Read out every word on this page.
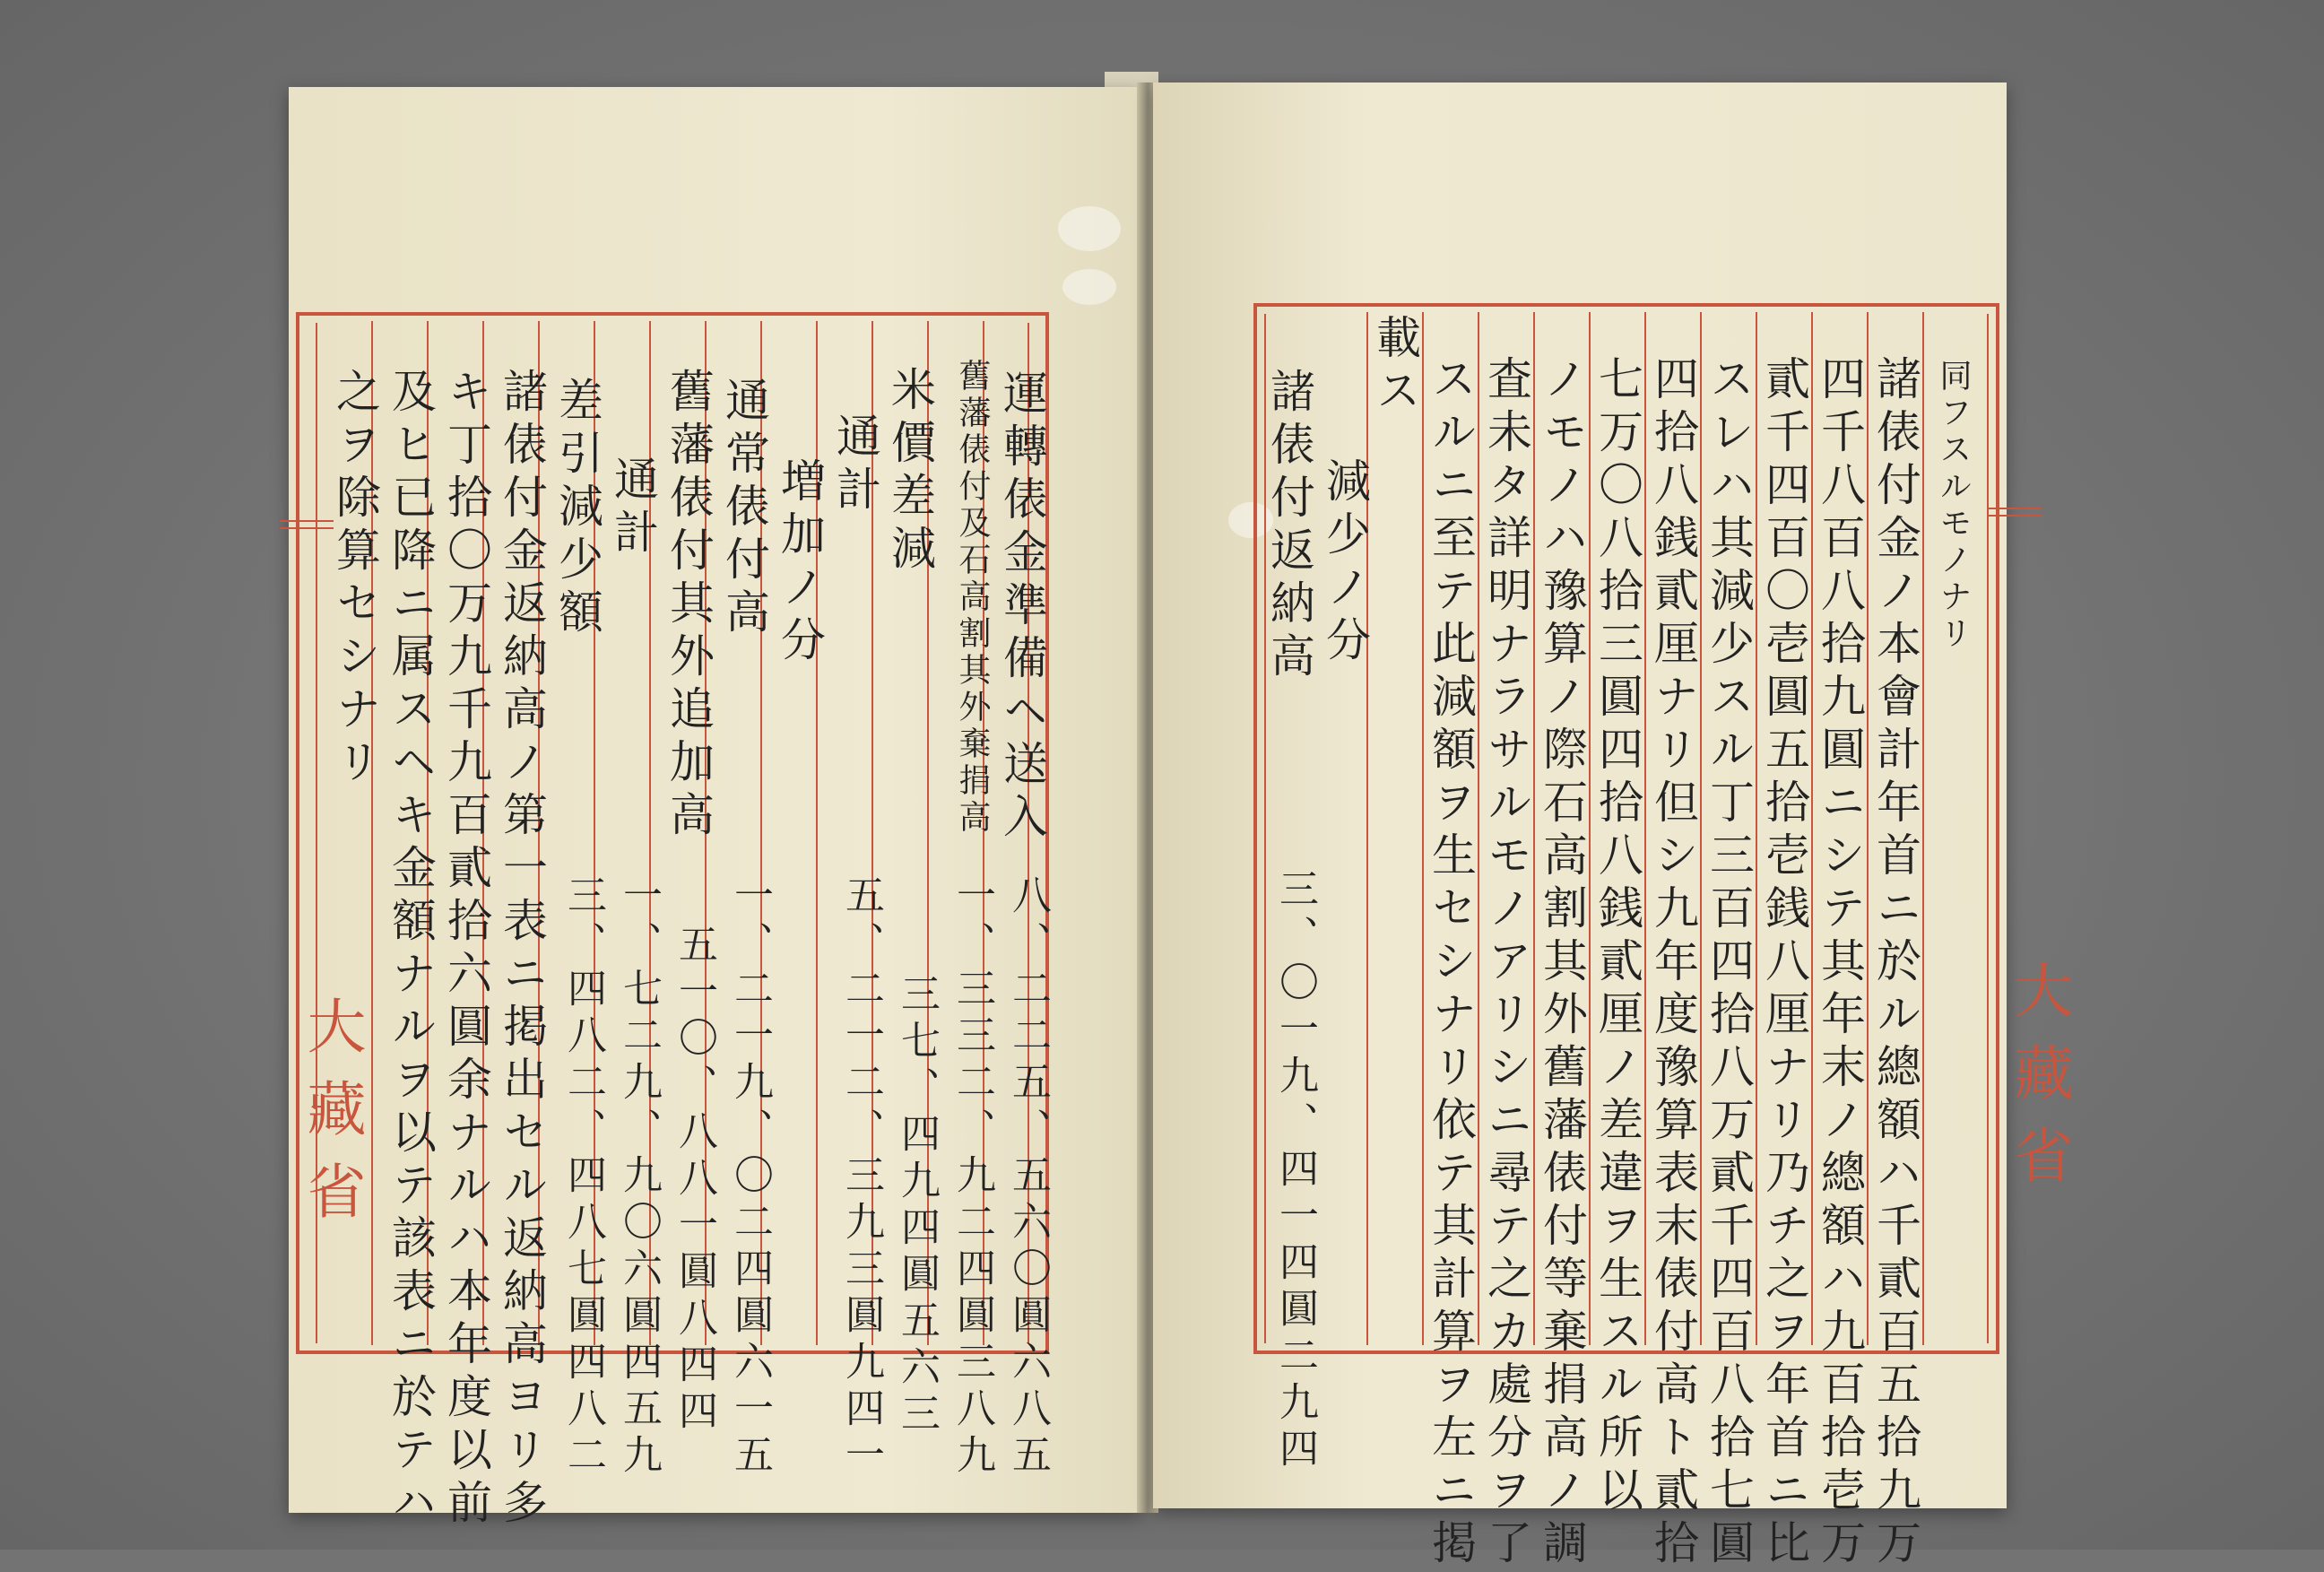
大藏省
運轉俵金準備ヘ送入
舊藩俵付及石高割其外棄捐高
米價差減
通計
増加ノ分
通常俵付高
舊藩俵付其外追加高
通計
差引減少額
諸俵付金返納高ノ第一表ニ掲出セル返納高ヨリ多
キ丁拾〇万九千九百貳拾六圓余ナルハ本年度以前
及ヒ已降ニ属スヘキ金額ナルヲ以テ該表ニ於テハ
之ヲ除算セシナリ
八、二二五、五六〇圓六八五
一、三三二、九二四圓三八九
三七、四九四圓五六三
五、二一二、三九三圓九四一
一、二一九、〇二四圓六一五
五一〇、八八一圓八四四
一、七二九、九〇六圓四五九
三、四八二、四八七圓四八二	大藏省
同フスルモノナリ
諸俵付金ノ本會計年首ニ於ル總額ハ千貳百五拾九万
四千八百八拾九圓ニシテ其年末ノ總額ハ九百拾壱万
貳千四百〇壱圓五拾壱銭八厘ナリ乃チ之ヲ年首ニ比
スレハ其減少スル丁三百四拾八万貳千四百八拾七圓
四拾八銭貳厘ナリ但シ九年度豫算表末俵付高ト貳拾
七万〇八拾三圓四拾八銭貳厘ノ差違ヲ生スル所以
ノモノハ豫算ノ際石高割其外舊藩俵付等棄捐高ノ調
査未タ詳明ナラサルモノアリシニ尋テ之カ處分ヲ了
スルニ至テ此減額ヲ生セシナリ依テ其計算ヲ左ニ掲
載ス
減少ノ分
諸俵付返納高
三、〇一九、四一四圓二九四
